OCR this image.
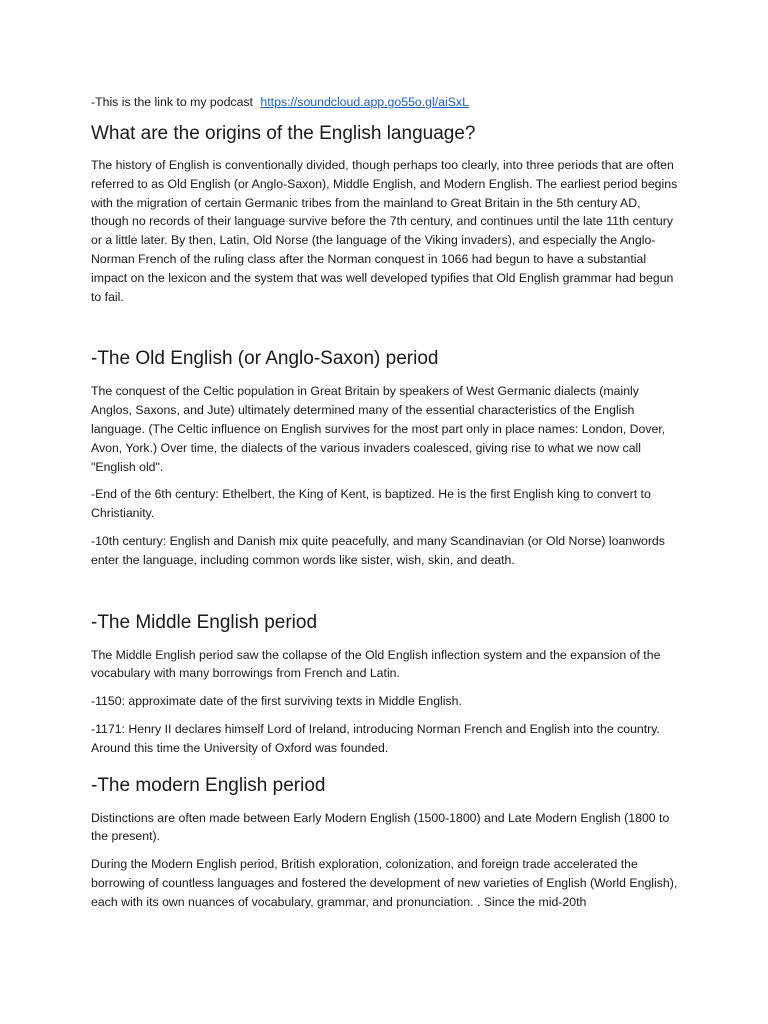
-This is the link to my podcast https://soundcloud.app.go55o.gl/aiSxL
What are the origins of the English language?

The history of English is conventionally divided, though perhaps too clearly, into three periods that are often referred to as Old English (or Anglo-Saxon), Middle English, and Modern English. The earliest period begins with the migration of certain Germanic tribes from the mainland to Great Britain in the 5th century AD, though no records of their language survive before the 7th century, and continues until the late 11th century or a little later. By then, Latin, Old Norse (the language of the Viking invaders), and especially the Anglo-Norman French of the ruling class after the Norman conquest in 1066 had begun to have a substantial impact on the lexicon and the system that was well developed typifies that Old English grammar had begun to fail.

-The Old English (or Anglo-Saxon) period

The conquest of the Celtic population in Great Britain by speakers of West Germanic dialects (mainly Anglos, Saxons, and Jute) ultimately determined many of the essential characteristics of the English language. (The Celtic influence on English survives for the most part only in place names: London, Dover, Avon, York.) Over time, the dialects of the various invaders coalesced, giving rise to what we now call "English old".

-End of the 6th century: Ethelbert, the King of Kent, is baptized. He is the first English king to convert to Christianity.

-10th century: English and Danish mix quite peacefully, and many Scandinavian (or Old Norse) loanwords enter the language, including common words like sister, wish, skin, and death.

-The Middle English period

The Middle English period saw the collapse of the Old English inflection system and the expansion of the vocabulary with many borrowings from French and Latin.

-1150: approximate date of the first surviving texts in Middle English.

-1171: Henry II declares himself Lord of Ireland, introducing Norman French and English into the country. Around this time the University of Oxford was founded.

-The modern English period

Distinctions are often made between Early Modern English (1500-1800) and Late Modern English (1800 to the present).

During the Modern English period, British exploration, colonization, and foreign trade accelerated the borrowing of countless languages and fostered the development of new varieties of English (World English), each with its own nuances of vocabulary, grammar, and pronunciation. . Since the mid-20th
